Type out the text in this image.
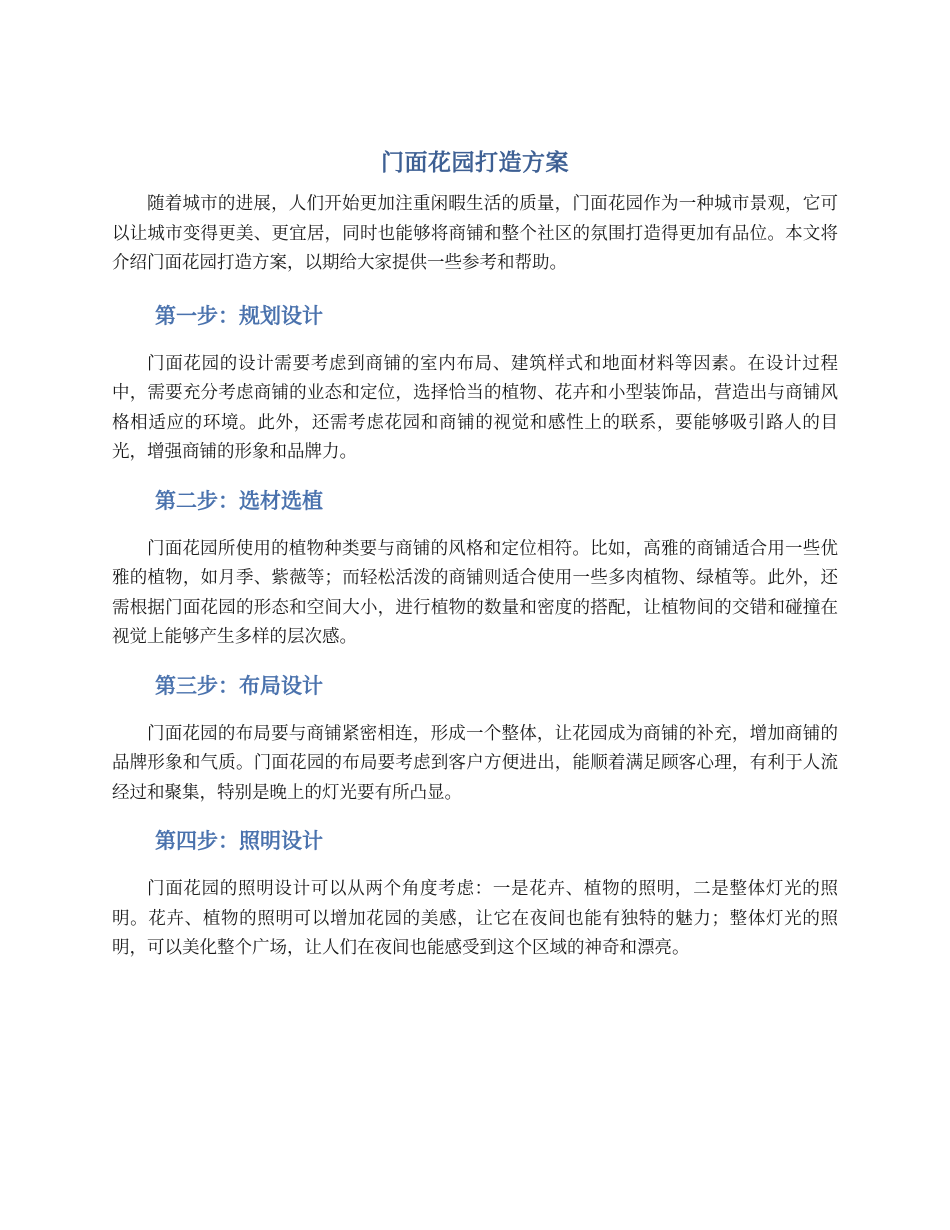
门面花园打造方案

随着城市的进展，人们开始更加注重闲暇生活的质量，门面花园作为一种城市景观，它可以让城市变得更美、更宜居，同时也能够将商铺和整个社区的氛围打造得更加有品位。本文将介绍门面花园打造方案，以期给大家提供一些参考和帮助。

第一步：规划设计

门面花园的设计需要考虑到商铺的室内布局、建筑样式和地面材料等因素。在设计过程中，需要充分考虑商铺的业态和定位，选择恰当的植物、花卉和小型装饰品，营造出与商铺风格相适应的环境。此外，还需考虑花园和商铺的视觉和感性上的联系，要能够吸引路人的目光，增强商铺的形象和品牌力。

第二步：选材选植

门面花园所使用的植物种类要与商铺的风格和定位相符。比如，高雅的商铺适合用一些优雅的植物，如月季、紫薇等；而轻松活泼的商铺则适合使用一些多肉植物、绿植等。此外，还需根据门面花园的形态和空间大小，进行植物的数量和密度的搭配，让植物间的交错和碰撞在视觉上能够产生多样的层次感。

第三步：布局设计

门面花园的布局要与商铺紧密相连，形成一个整体，让花园成为商铺的补充，增加商铺的品牌形象和气质。门面花园的布局要考虑到客户方便进出，能顺着满足顾客心理，有利于人流经过和聚集，特别是晚上的灯光要有所凸显。

第四步：照明设计

门面花园的照明设计可以从两个角度考虑：一是花卉、植物的照明，二是整体灯光的照明。花卉、植物的照明可以增加花园的美感，让它在夜间也能有独特的魅力；整体灯光的照明，可以美化整个广场，让人们在夜间也能感受到这个区域的神奇和漂亮。
